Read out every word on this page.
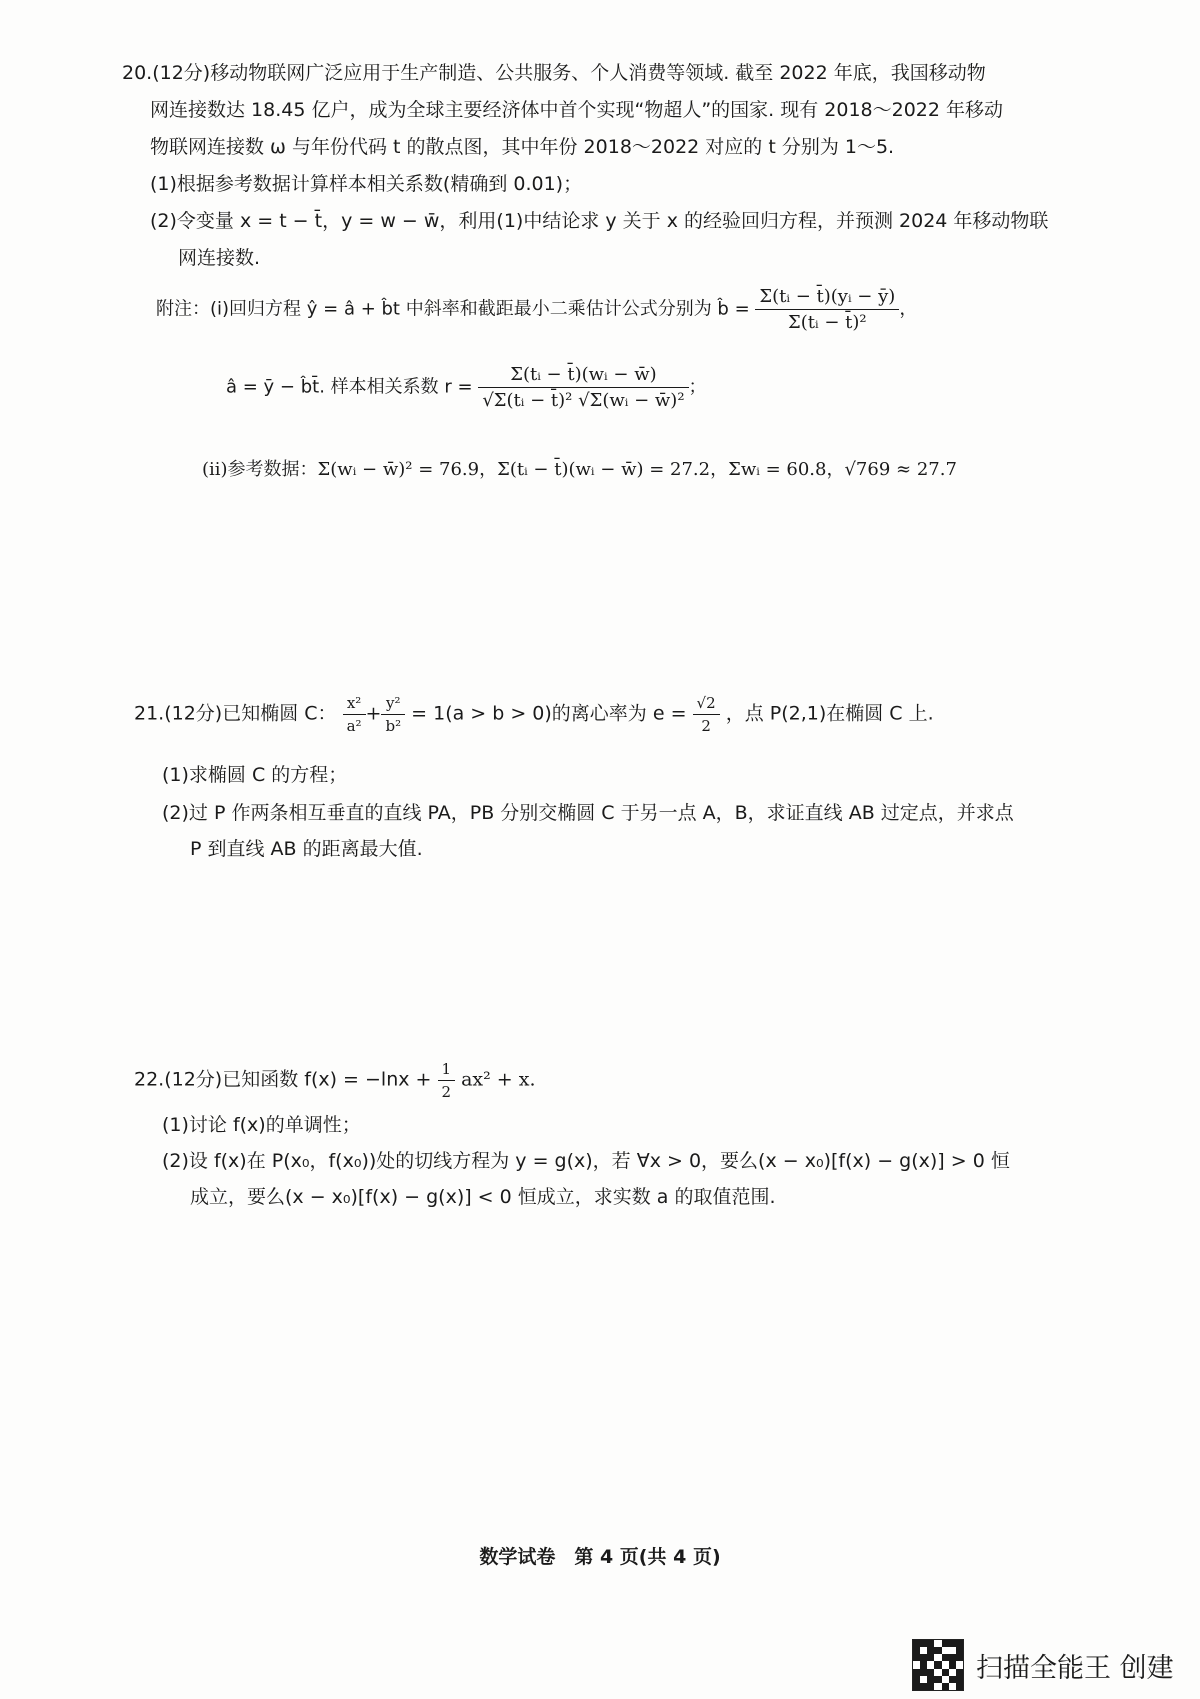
20.(12分)移动物联网广泛应用于生产制造、公共服务、个人消费等领域. 截至 2022 年底，我国移动物
网连接数达 18.45 亿户，成为全球主要经济体中首个实现“物超人”的国家. 现有 2018～2022 年移动
物联网连接数 ω 与年份代码 t 的散点图，其中年份 2018～2022 对应的 t 分别为 1～5.
(1)根据参考数据计算样本相关系数(精确到 0.01)；
(2)令变量 x = t − t̄，y = w − w̄，利用(1)中结论求 y 关于 x 的经验回归方程，并预测 2024 年移动物联
网连接数.
附注：(i)回归方程 ŷ = â + b̂t 中斜率和截距最小二乘估计公式分别为 b̂ = $\frac{\text{Σ(tᵢ − t̄)(yᵢ − ȳ)}}{\text{Σ(tᵢ − t̄)²}}$ ，
â = ȳ − b̂t̄. 样本相关系数 $r = \frac{\text{Σ(tᵢ − t̄)(wᵢ − w̄)}}{\text{√Σ(tᵢ − t̄)² √Σ(wᵢ − w̄)²}}$ ；
(ii)参考数据：Σ(wᵢ − w̄)² = 76.9，Σ(tᵢ − t̄)(wᵢ − w̄) = 27.2，Σwᵢ = 60.8，√769 ≈ 27.7
21.(12分)已知椭圆 C： $\frac{\text{x²}}{\text{a²}} + \frac{\text{y²}}{\text{b²}} = 1(a > b > 0)$的离心率为 $e = \frac{√2}{2}$ ，点 P(2,1)在椭圆 C 上.
(1)求椭圆 C 的方程；
(2)过 P 作两条相互垂直的直线 PA，PB 分别交椭圆 C 于另一点 A，B，求证直线 AB 过定点，并求点
P 到直线 AB 的距离最大值.
22.(12分)已知函数 $f(x) = -\ln x + \frac{1}{2} ax^2 + x$.
(1)讨论 f(x)的单调性；
(2)设 f(x)在 P(x₀，f(x₀))处的切线方程为 y = g(x)，若 ∀x > 0，要么(x − x₀)[f(x) − g(x)] > 0 恒
成立，要么(x − x₀)[f(x) − g(x)] < 0 恒成立，求实数 a 的取值范围.
数学试卷　第 4 页(共 4 页)
扫描全能王 创建
